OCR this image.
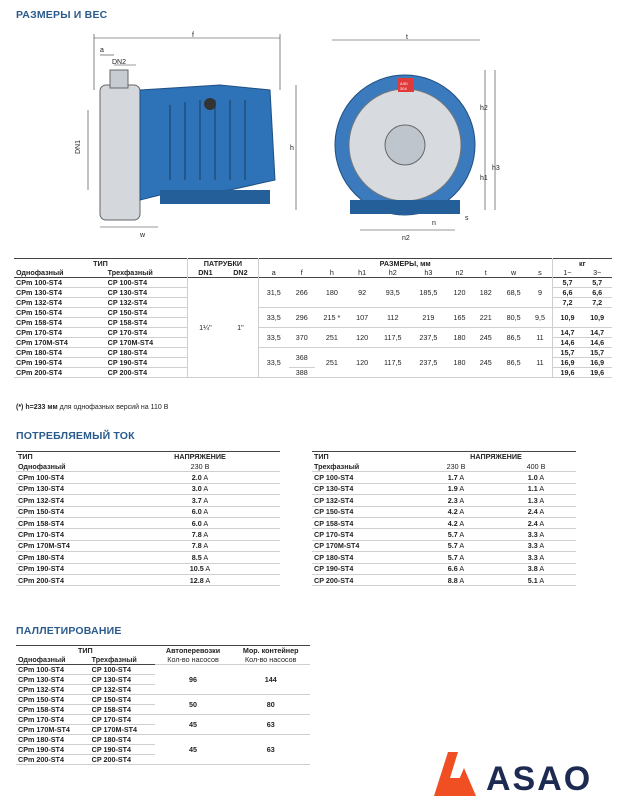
РАЗМЕРЫ И ВЕС
ПОТРЕБЛЯЕМЫЙ ТОК
ПАЛЛЕТИРОВАНИЕ
f
a
DN2
DN1	h
w
AISI
304
t
h2
h3
h1
n
n2
s
ТИП		ПАТРУБКИ		РАЗМЕРЫ, мм										кг	
Однофазный	Трехфазный	DN1	DN2	a	f	h	h1	h2	h3	n2	t	w	s	1~	3~
CPm 100-ST4	CP 100-ST4	1¼"	1"	31,5	266	180	92	93,5	185,5	120	182	68,5	9	5,7	5,7
CPm 130-ST4	CP 130-ST4													6,6	6,6
CPm 132-ST4	CP 132-ST4													7,2	7,2
CPm 150-ST4	CP 150-ST4			33,5	296	215 *	107	112	219	165	221	80,5	9,5	10,9	10,9
CPm 158-ST4	CP 158-ST4														
CPm 170-ST4	CP 170-ST4			33,5	370	251	120	117,5	237,5	180	245	86,5	11	14,7	14,7
CPm 170M-ST4	CP 170M-ST4													14,6	14,6
CPm 180-ST4	CP 180-ST4			33,5	368	251	120	117,5	237,5	180	245	86,5	11	15,7	15,7
CPm 190-ST4	CP 190-ST4													16,9	16,9
CPm 200-ST4	CP 200-ST4				388									19,6	19,6
(*) h=233 мм для однофазных версий на 110 В
ТИП	НАПРЯЖЕНИЕ
Однофазный	230 В
CPm 100-ST4	2.0 A
CPm 130-ST4	3.0 A
CPm 132-ST4	3.7 A
CPm 150-ST4	6.0 A
CPm 158-ST4	6.0 A
CPm 170-ST4	7.8 A
CPm 170M-ST4	7.8 A
CPm 180-ST4	8.5 A
CPm 190-ST4	10.5 A
CPm 200-ST4	12.8 A
ТИП	НАПРЯЖЕНИЕ	
Трехфазный	230 В	400 В
CP 100-ST4	1.7 A	1.0 A
CP 130-ST4	1.9 A	1.1 A
CP 132-ST4	2.3 A	1.3 A
CP 150-ST4	4.2 A	2.4 A
CP 158-ST4	4.2 A	2.4 A
CP 170-ST4	5.7 A	3.3 A
CP 170M-ST4	5.7 A	3.3 A
CP 180-ST4	5.7 A	3.3 A
CP 190-ST4	6.6 A	3.8 A
CP 200-ST4	8.8 A	5.1 A
ТИП		Автоперевозки	Мор. контейнер
Однофазный	Трехфазный	Кол-во насосов	Кол-во насосов
CPm 100-ST4	CP 100-ST4	96	144
CPm 130-ST4	CP 130-ST4		
CPm 132-ST4	CP 132-ST4		
CPm 150-ST4	CP 150-ST4	50	80
CPm 158-ST4	CP 158-ST4		
CPm 170-ST4	CP 170-ST4	45	63
CPm 170M-ST4	CP 170M-ST4		
CPm 180-ST4	CP 180-ST4	45	63
CPm 190-ST4	CP 190-ST4		
CPm 200-ST4	CP 200-ST4		
ASAO
